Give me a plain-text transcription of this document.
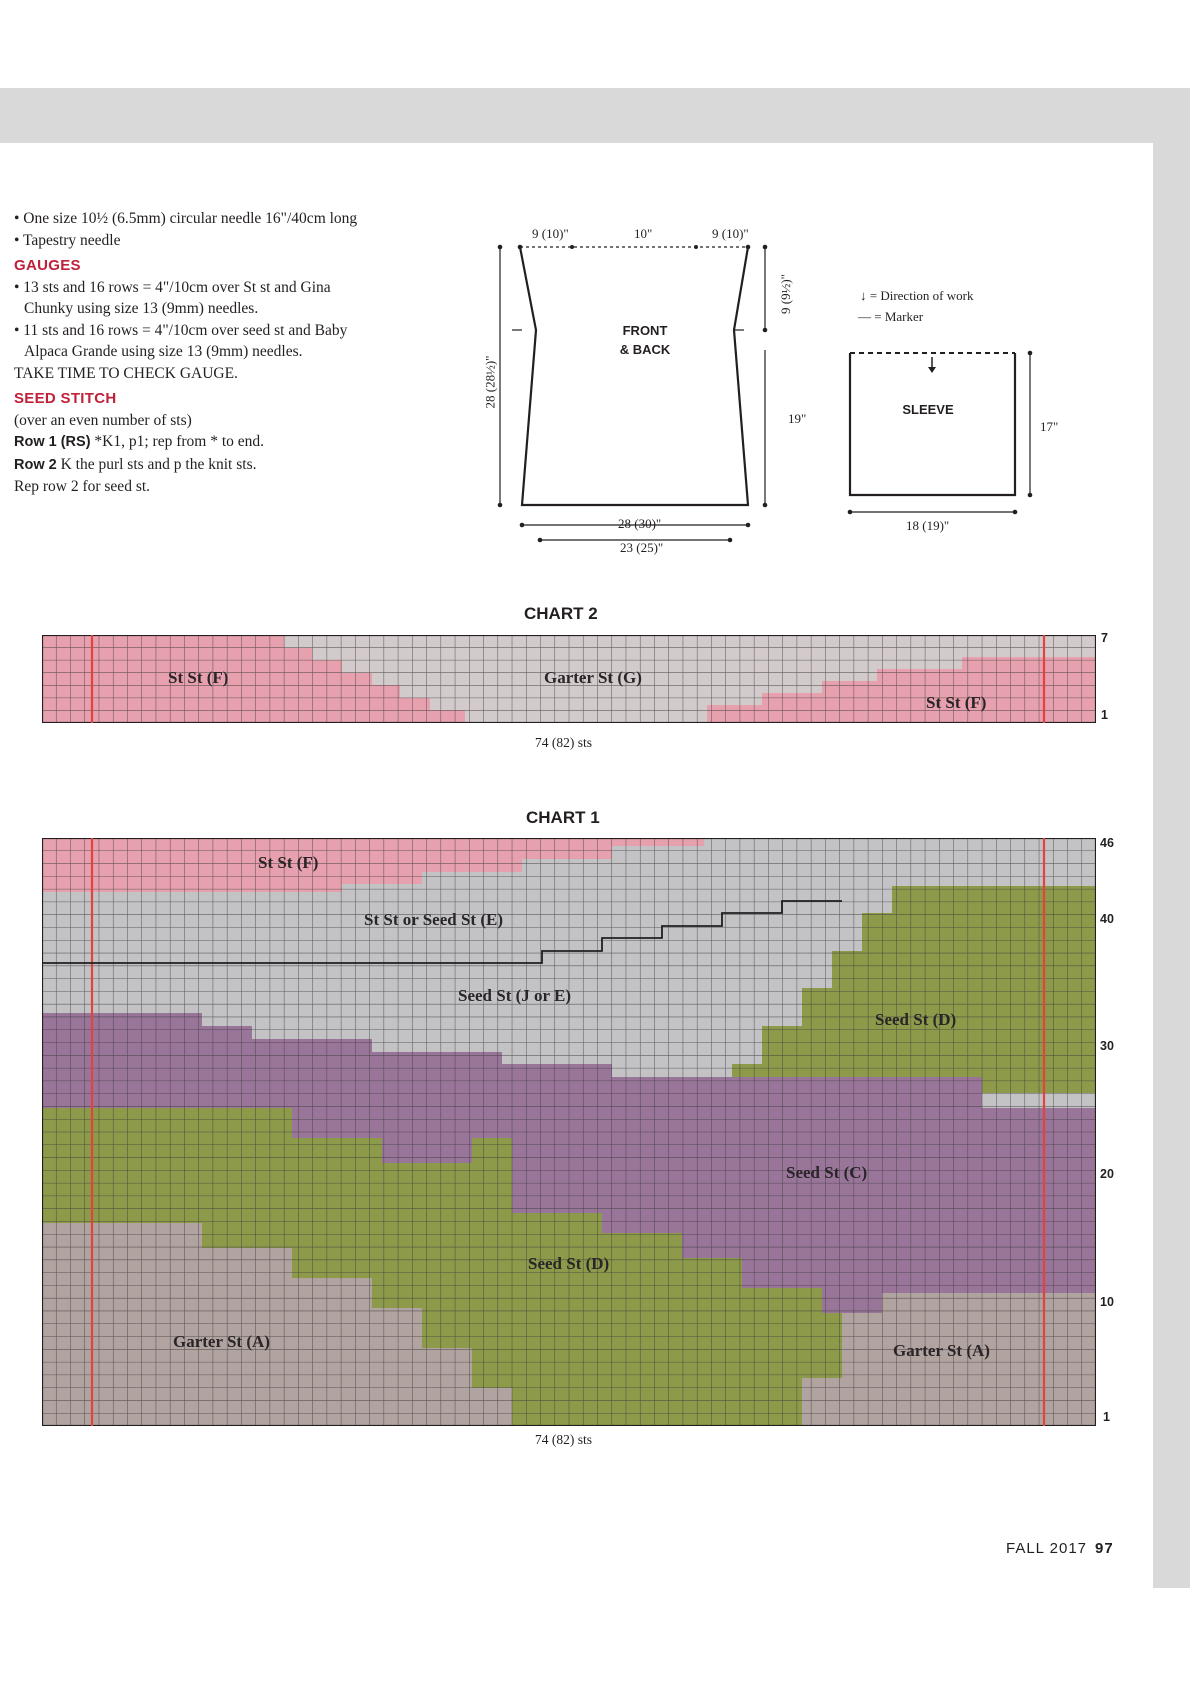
• One size 10½ (6.5mm) circular needle 16"/40cm long

• Tapestry needle

GAUGES

• 13 sts and 16 rows = 4"/10cm over St st and Gina Chunky using size 13 (9mm) needles.

• 11 sts and 16 rows = 4"/10cm over seed st and Baby Alpaca Grande using size 13 (9mm) needles.

TAKE TIME TO CHECK GAUGE.

SEED STITCH

(over an even number of sts)

Row 1 (RS) *K1, p1; rep from * to end.

Row 2 K the purl sts and p the knit sts.

Rep row 2 for seed st.

9 (10)"	10"	9 (10)"
9 (9½)"
28 (28½)"
19"
FRONT
& BACK
28 (30)"
23 (25)"
↓ = Direction of work
— = Marker
SLEEVE
17"
18 (19)"
CHART 2
7
1
St St (F)	Garter St (G)
St St (F)
74 (82) sts
CHART 1
46
40
30
20
10
1
St St (F)
St St or Seed St (E)
Seed St (J or E)
Seed St (D)
Seed St (C)
Seed St (D)
Garter St (A)	Garter St (A)
74 (82) sts
FALL 2017 97
